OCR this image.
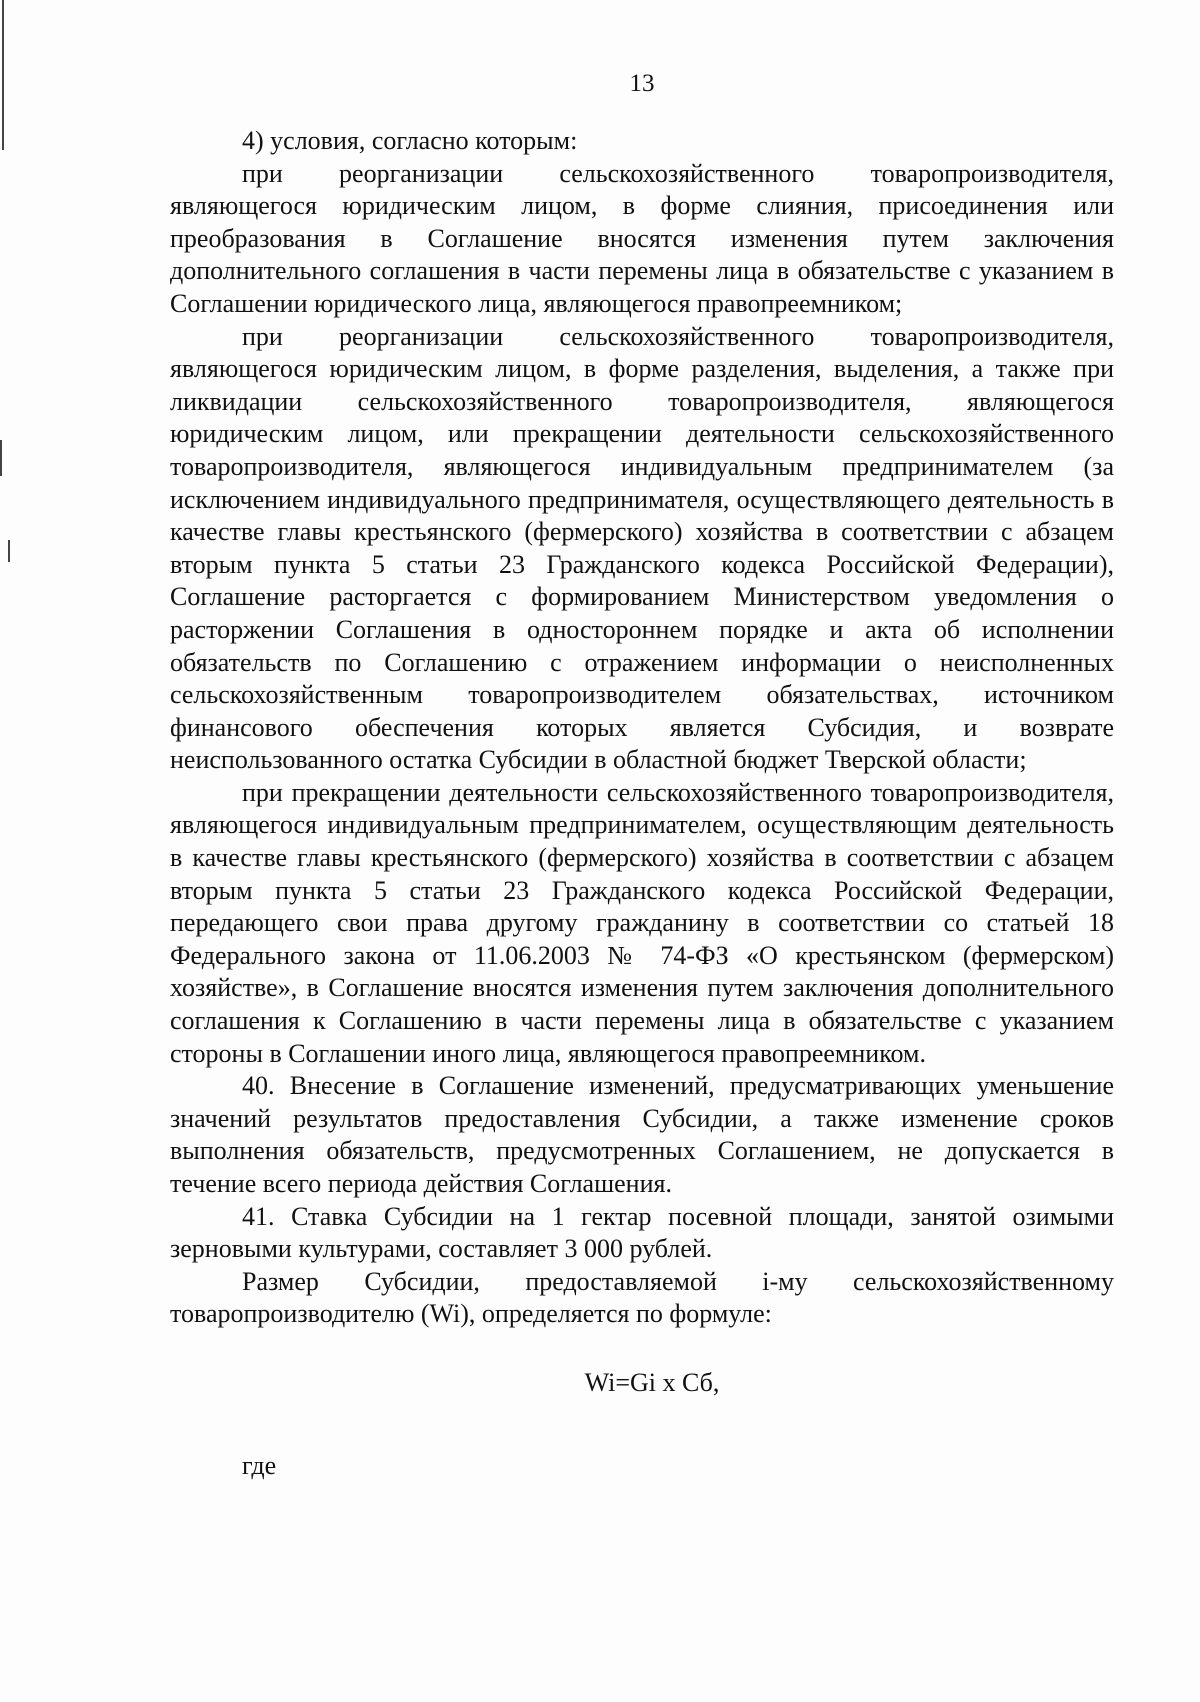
13

4) условия, согласно которым:

при реорганизации сельскохозяйственного товаропроизводителя, являющегося юридическим лицом, в форме слияния, присоединения или преобразования в Соглашение вносятся изменения путем заключения дополнительного соглашения в части перемены лица в обязательстве с указанием в Соглашении юридического лица, являющегося правопреемником;

при реорганизации сельскохозяйственного товаропроизводителя, являющегося юридическим лицом, в форме разделения, выделения, а также при ликвидации сельскохозяйственного товаропроизводителя, являющегося юридическим лицом, или прекращении деятельности сельскохозяйственного товаропроизводителя, являющегося индивидуальным предпринимателем (за исключением индивидуального предпринимателя, осуществляющего деятельность в качестве главы крестьянского (фермерского) хозяйства в соответствии с абзацем вторым пункта 5 статьи 23 Гражданского кодекса Российской Федерации), Соглашение расторгается с формированием Министерством уведомления о расторжении Соглашения в одностороннем порядке и акта об исполнении обязательств по Соглашению с отражением информации о неисполненных сельскохозяйственным товаропроизводителем обязательствах, источником финансового обеспечения которых является Субсидия, и возврате неиспользованного остатка Субсидии в областной бюджет Тверской области;

при прекращении деятельности сельскохозяйственного товаропроизводителя, являющегося индивидуальным предпринимателем, осуществляющим деятельность в качестве главы крестьянского (фермерского) хозяйства в соответствии с абзацем вторым пункта 5 статьи 23 Гражданского кодекса Российской Федерации, передающего свои права другому гражданину в соответствии со статьей 18 Федерального закона от 11.06.2003 № 74-ФЗ «О крестьянском (фермерском) хозяйстве», в Соглашение вносятся изменения путем заключения дополнительного соглашения к Соглашению в части перемены лица в обязательстве с указанием стороны в Соглашении иного лица, являющегося правопреемником.

40. Внесение в Соглашение изменений, предусматривающих уменьшение значений результатов предоставления Субсидии, а также изменение сроков выполнения обязательств, предусмотренных Соглашением, не допускается в течение всего периода действия Соглашения.

41. Ставка Субсидии на 1 гектар посевной площади, занятой озимыми зерновыми культурами, составляет 3 000 рублей.

Размер Субсидии, предоставляемой i-му сельскохозяйственному товаропроизводителю (Wi), определяется по формуле:

Wi=Gi x Сб,

где
